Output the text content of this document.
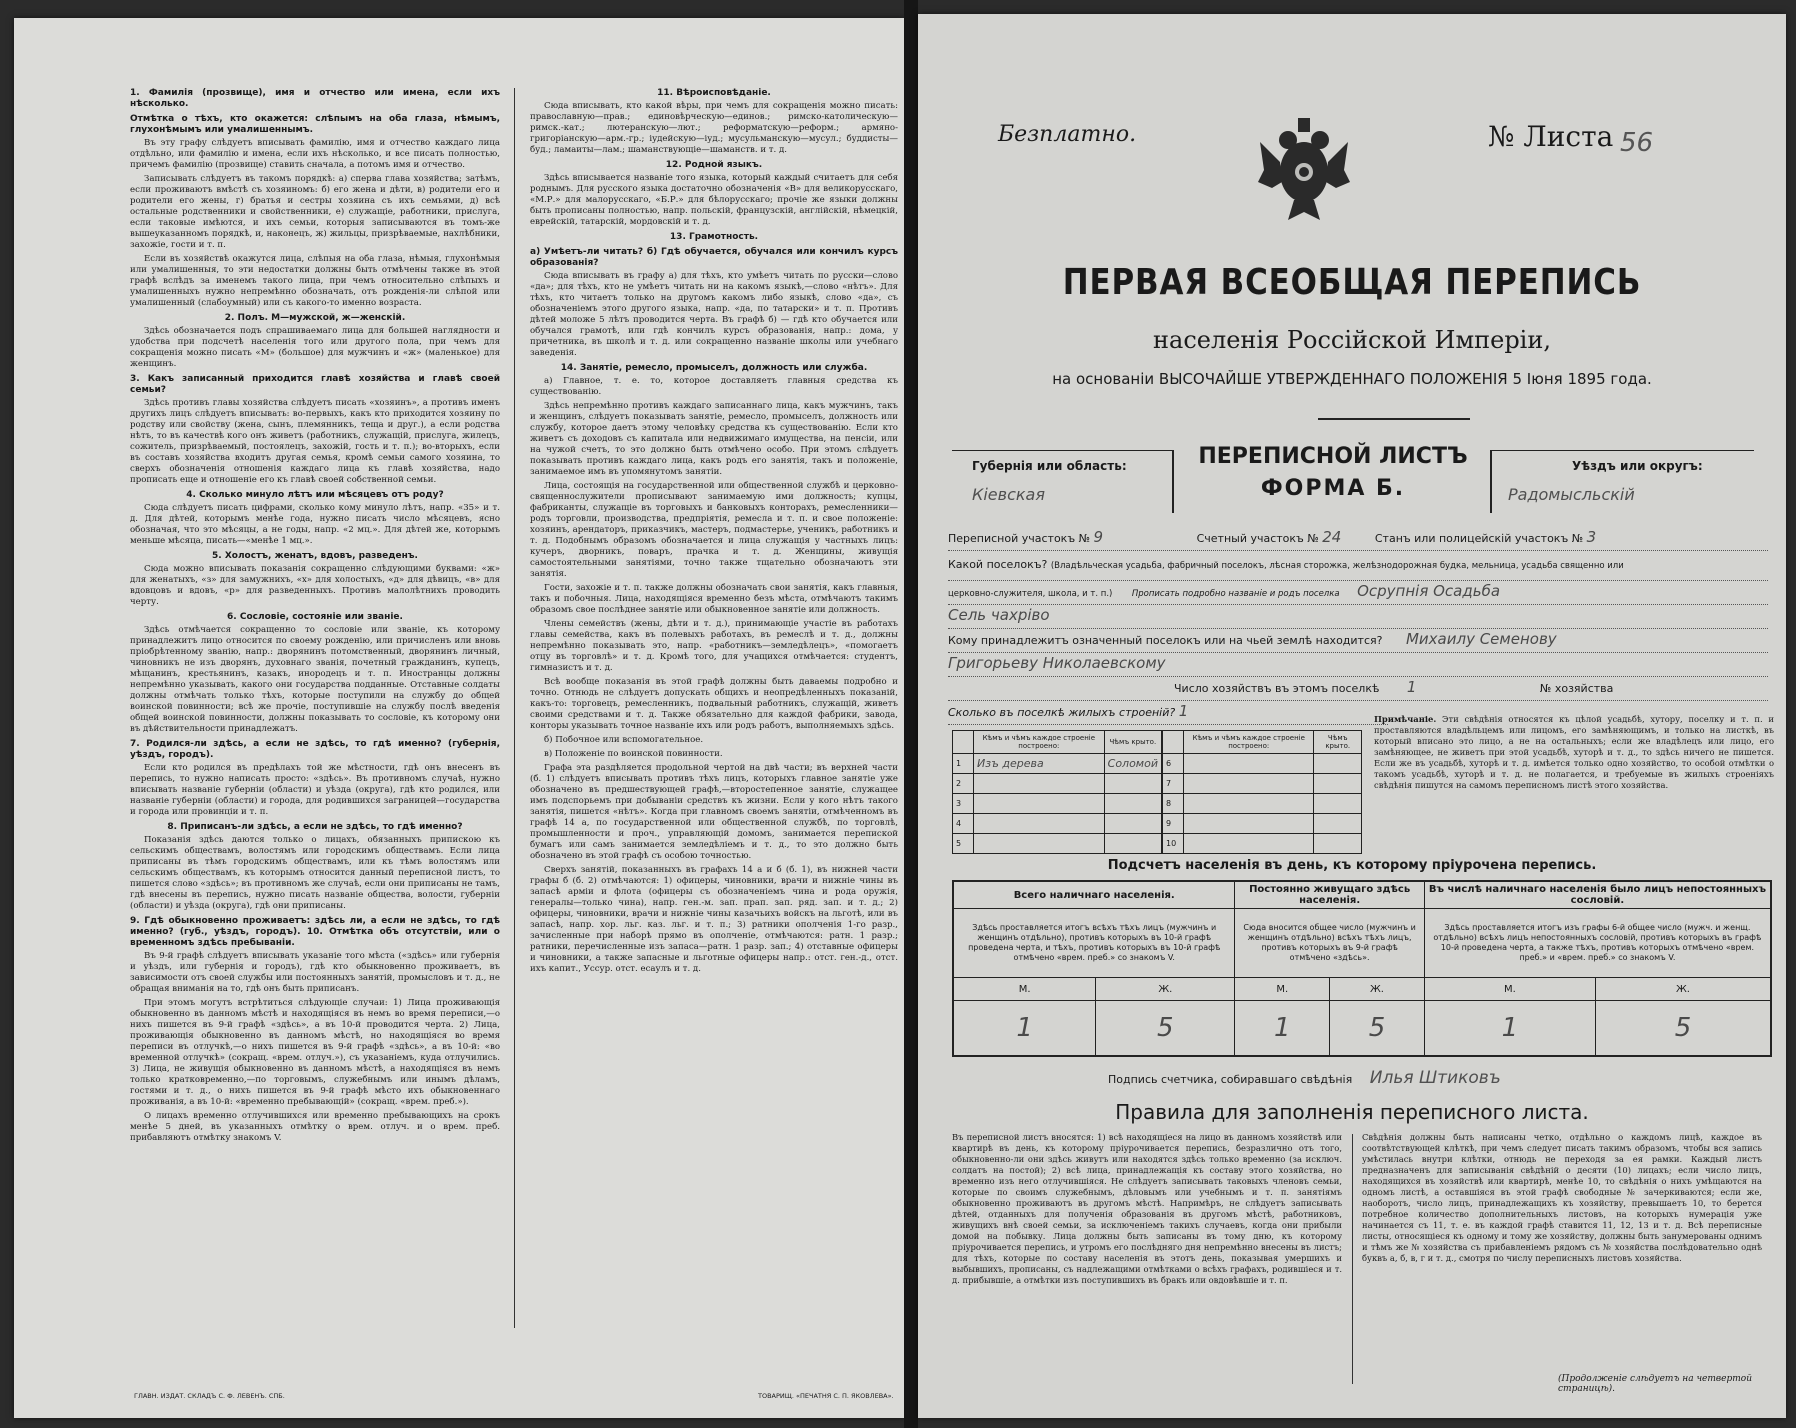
1. Фамилія (прозвище), имя и отчество или имена, если ихъ нѣсколько.
Отмѣтка о тѣхъ, кто окажется: слѣпымъ на оба глаза, нѣмымъ, глухонѣмымъ или умалишеннымъ.
Въ эту графу слѣдуетъ вписывать фамилію, имя и отчество каждаго лица отдѣльно, или фамилію и имена, если ихъ нѣсколько, и все писать полностью, причемъ фамилію (прозвище) ставить сначала, а потомъ имя и отчество.
Записывать слѣдуетъ въ такомъ порядкѣ: а) сперва глава хозяйства; затѣмъ, если проживаютъ вмѣстѣ съ хозяиномъ: б) его жена и дѣти, в) родители его и родители его жены, г) братья и сестры хозяина съ ихъ семьями, д) всѣ остальные родственники и свойственники, е) служащіе, работники, прислуга, если таковые имѣются, и ихъ семьи, которыя записываются въ томъ-же вышеуказанномъ порядкѣ, и, наконецъ, ж) жильцы, призрѣваемые, нахлѣбники, захожіе, гости и т. п.
Если въ хозяйствѣ окажутся лица, слѣпыя на оба глаза, нѣмыя, глухонѣмыя или умалишенныя, то эти недостатки должны быть отмѣчены также въ этой графѣ вслѣдъ за именемъ такого лица, при чемъ относительно слѣпыхъ и умалишенныхъ нужно непремѣнно обозначать, отъ рожденія-ли слѣпой или умалишенный (слабоумный) или съ какого-то именно возраста.
2. Полъ. М—мужской, ж—женскій.
Здѣсь обозначается подъ спрашиваемаго лица для большей наглядности и удобства при подсчетѣ населенія того или другого пола, при чемъ для сокращенія можно писать «М» (большое) для мужчинъ и «ж» (маленькое) для женщинъ.
3. Какъ записанный приходится главѣ хозяйства и главѣ своей семьи?
Здѣсь противъ главы хозяйства слѣдуетъ писать «хозяинъ», а противъ именъ другихъ лицъ слѣдуетъ вписывать: во-первыхъ, какъ кто приходится хозяину по родству или свойству (жена, сынъ, племянникъ, теща и друг.), а если родства нѣтъ, то въ качествѣ кого онъ живетъ (работникъ, служащій, прислуга, жилецъ, сожитель, призрѣваемый, постоялецъ, захожій, гость и т. п.); во-вторыхъ, если въ составъ хозяйства входитъ другая семья, кромѣ семьи самого хозяина, то сверхъ обозначенія отношенія каждаго лица къ главѣ хозяйства, надо прописать еще и отношеніе его къ главѣ своей собственной семьи.
4. Сколько минуло лѣтъ или мѣсяцевъ отъ роду?
Сюда слѣдуетъ писать цифрами, сколько кому минуло лѣтъ, напр. «35» и т. д. Для дѣтей, которымъ менѣе года, нужно писать число мѣсяцевъ, ясно обозначая, что это мѣсяцы, а не годы, напр. «2 мц.». Для дѣтей же, которымъ меньше мѣсяца, писать—«менѣе 1 мц.».
5. Холостъ, женатъ, вдовъ, разведенъ.
Сюда можно вписывать показанія сокращенно слѣдующими буквами: «ж» для женатыхъ, «з» для замужнихъ, «х» для холостыхъ, «д» для дѣвицъ, «в» для вдовцовъ и вдовъ, «р» для разведенныхъ. Противъ малолѣтнихъ проводить черту.
6. Сословіе, состояніе или званіе.
Здѣсь отмѣчается сокращенно то сословіе или званіе, къ которому принадлежитъ лицо относится по своему рожденію, или причисленъ или вновь пріобрѣтенному званію, напр.: дворянинъ потомственный, дворянинъ личный, чиновникъ не изъ дворянъ, духовнаго званія, почетный гражданинъ, купецъ, мѣщанинъ, крестьянинъ, казакъ, инородецъ и т. п. Иностранцы должны непремѣнно указывать, какого они государства подданные. Отставные солдаты должны отмѣчать только тѣхъ, которые поступили на службу до общей воинской повинности; всѣ же прочіе, поступившіе на службу послѣ введенія общей воинской повинности, должны показывать то сословіе, къ которому они въ дѣйствительности принадлежатъ.
7. Родился-ли здѣсь, а если не здѣсь, то гдѣ именно? (губернія, уѣздъ, городъ).
Если кто родился въ предѣлахъ той же мѣстности, гдѣ онъ внесенъ въ перепись, то нужно написать просто: «здѣсь». Въ противномъ случаѣ, нужно вписывать названіе губерніи (области) и уѣзда (округа), гдѣ кто родился, или названіе губерніи (области) и города, для родившихся заграницей—государства и города или провинціи и т. п.
8. Приписанъ-ли здѣсь, а если не здѣсь, то гдѣ именно?
Показанія здѣсь даются только о лицахъ, обязанныхъ припискою къ сельскимъ обществамъ, волостямъ или городскимъ обществамъ. Если лица приписаны въ тѣмъ городскимъ обществамъ, или къ тѣмъ волостямъ или сельскимъ обществамъ, къ которымъ относится данный переписной листъ, то пишется слово «здѣсь»; въ противномъ же случаѣ, если они приписаны не тамъ, гдѣ внесены въ перепись, нужно писать названіе общества, волости, губерніи (области) и уѣзда (округа), гдѣ они приписаны.
9. Гдѣ обыкновенно проживаетъ: здѣсь ли, а если не здѣсь, то гдѣ именно? (губ., уѣздъ, городъ). 10. Отмѣтка объ отсутствіи, или о временномъ здѣсь пребываніи.
Въ 9-й графѣ слѣдуетъ вписывать указаніе того мѣста («здѣсь» или губернія и уѣздъ, или губернія и городъ), гдѣ кто обыкновенно проживаетъ, въ зависимости отъ своей службы или постоянныхъ занятій, промысловъ и т. д., не обращая вниманія на то, гдѣ онъ быть приписанъ.
При этомъ могутъ встрѣтиться слѣдующіе случаи: 1) Лица проживающія обыкновенно въ данномъ мѣстѣ и находящіяся въ немъ во время переписи,—о нихъ пишется въ 9-й графѣ «здѣсь», а въ 10-й проводится черта. 2) Лица, проживающія обыкновенно въ данномъ мѣстѣ, но находящіяся во время переписи въ отлучкѣ,—о нихъ пишется въ 9-й графѣ «здѣсь», а въ 10-й: «во временной отлучкѣ» (сокращ. «врем. отлуч.»), съ указаніемъ, куда отлучились. 3) Лица, не живущія обыкновенно въ данномъ мѣстѣ, а находящіяся въ немъ только кратковременно,—по торговымъ, служебнымъ или инымъ дѣламъ, гостями и т. д., о нихъ пишется въ 9-й графѣ мѣсто ихъ обыкновеннаго проживанія, а въ 10-й: «временно пребывающій» (сокращ. «врем. преб.»).
О лицахъ временно отлучившихся или временно пребывающихъ на срокъ менѣе 5 дней, въ указанныхъ отмѣтку о врем. отлуч. и о врем. преб. прибавляютъ отмѣтку знакомъ V.
11. Вѣроисповѣданіе.
Сюда вписывать, кто какой вѣры, при чемъ для сокращенія можно писать: православную—прав.; единовѣрческую—единов.; римско-католическую—римск.-кат.; лютеранскую—лют.; реформатскую—реформ.; армяно-григоріанскую—арм.-гр.; іудейскую—іуд.; мусульманскую—мусул.; буддисты—буд.; ламаиты—лам.; шаманствующіе—шаманств. и т. д.
12. Родной языкъ.
Здѣсь вписывается названіе того языка, который каждый считаетъ для себя роднымъ. Для русского языка достаточно обозначенія «В» для великорусскаго, «М.Р.» для малорусскаго, «Б.Р.» для бѣлорусскаго; прочіе же языки должны быть прописаны полностью, напр. польскій, французскій, англійскій, нѣмецкій, еврейскій, татарскій, мордовскій и т. д.
13. Грамотность.
а) Умѣетъ-ли читать? б) Гдѣ обучается, обучался или кончилъ курсъ образованія?
Сюда вписывать въ графу а) для тѣхъ, кто умѣетъ читать по русски—слово «да»; для тѣхъ, кто не умѣетъ читать ни на какомъ языкѣ,—слово «нѣтъ». Для тѣхъ, кто читаетъ только на другомъ какомъ либо языкѣ, слово «да», съ обозначеніемъ этого другого языка, напр. «да, по татарски» и т. п. Противъ дѣтей моложе 5 лѣтъ проводится черта. Въ графѣ б) — гдѣ кто обучается или обучался грамотѣ, или гдѣ кончилъ курсъ образованія, напр.: дома, у причетника, въ школѣ и т. д. или сокращенно названіе школы или учебнаго заведенія.
14. Занятіе, ремесло, промыселъ, должность или служба.
а) Главное, т. е. то, которое доставляетъ главныя средства къ существованію.
Здѣсь непремѣнно противъ каждаго записаннаго лица, какъ мужчинъ, такъ и женщинъ, слѣдуетъ показывать занятіе, ремесло, промыселъ, должность или службу, которое даетъ этому человѣку средства къ существованію. Если кто живетъ съ доходовъ съ капитала или недвижимаго имущества, на пенсіи, или на чужой счетъ, то это должно быть отмѣчено особо. При этомъ слѣдуетъ показывать противъ каждаго лица, какъ родъ его занятія, такъ и положеніе, занимаемое имъ въ упомянутомъ занятіи.
Лица, состоящія на государственной или общественной службѣ и церковно-священнослужители прописывают занимаемую ими должность; купцы, фабриканты, служащіе въ торговыхъ и банковыхъ конторахъ, ремесленники—родъ торговли, производства, предпріятія, ремесла и т. п. и свое положеніе: хозяинъ, арендаторъ, приказчикъ, мастеръ, подмастерье, ученикъ, работникъ и т. д. Подобнымъ образомъ обозначается и лица служащія у частныхъ лицъ: кучеръ, дворникъ, поваръ, прачка и т. д. Женщины, живущія самостоятельными занятіями, точно также тщательно обозначаютъ эти занятія.
Гости, захожіе и т. п. также должны обозначать свои занятія, какъ главныя, такъ и побочныя. Лица, находящіяся временно безъ мѣста, отмѣчаютъ такимъ образомъ свое послѣднее занятіе или обыкновенное занятіе или должность.
Члены семействъ (жены, дѣти и т. д.), принимающіе участіе въ работахъ главы семейства, какъ въ полевыхъ работахъ, въ ремеслѣ и т. д., должны непремѣнно показывать это, напр. «работникъ—земледѣлецъ», «помогаетъ отцу въ торговлѣ» и т. д. Кромѣ того, для учащихся отмѣчается: студентъ, гимназистъ и т. д.
Всѣ вообще показанія въ этой графѣ должны быть даваемы подробно и точно. Отнюдь не слѣдуетъ допускать общихъ и неопредѣленныхъ показаній, какъ-то: торговецъ, ремесленникъ, подвальный работникъ, служащій, живетъ своими средствами и т. д. Также обязательно для каждой фабрики, завода, конторы указывать точное названіе ихъ или родъ работъ, выполняемыхъ здѣсь.
б) Побочное или вспомогательное.
в) Положеніе по воинской повинности.
Графа эта раздѣляется продольной чертой на двѣ части; въ верхней части (б. 1) слѣдуетъ вписывать противъ тѣхъ лицъ, которыхъ главное занятіе уже обозначено въ предшествующей графѣ,—второстепенное занятіе, служащее имъ подспорьемъ при добываніи средствъ къ жизни. Если у кого нѣтъ такого занятія, пишется «нѣтъ». Когда при главномъ своемъ занятіи, отмѣченномъ въ графѣ 14 а, по государственной или общественной службѣ, по торговлѣ, промышленности и проч., управляющій домомъ, занимается перепиской бумагъ или самъ занимается земледѣліемъ и т. д., то это должно быть обозначено въ этой графѣ съ особою точностью.
Сверхъ занятій, показанныхъ въ графахъ 14 а и б (б. 1), въ нижней части графы б (б. 2) отмѣчаются: 1) офицеры, чиновники, врачи и нижніе чины въ запасѣ арміи и флота (офицеры съ обозначеніемъ чина и рода оружія, генералы—только чина), напр. ген.-м. зап. прап. зап. ряд. зап. и т. д.; 2) офицеры, чиновники, врачи и нижніе чины казачьихъ войскъ на льготѣ, или въ запасѣ, напр. хор. льг. каз. льг. и т. п.; 3) ратники ополченія 1-го разр., зачисленные при наборѣ прямо въ ополченіе, отмѣчаются: ратн. 1 разр.; ратники, перечисленные изъ запаса—ратн. 1 разр. зап.; 4) отставные офицеры и чиновники, а также запасные и льготные офицеры напр.: отст. ген.-д., отст. ихъ капит., Уссур. отст. есаулъ и т. д.
ГЛАВН. ИЗДАТ. СКЛАДЪ С. Ф. ЛЕВЕНЪ. СПБ.	ТОВАРИЩ. «ПЕЧАТНЯ С. П. ЯКОВЛЕВА».
Безплатно.	№ Листа 56
ПЕРВАЯ ВСЕОБЩАЯ ПЕРЕПИСЬ
населенія Россійской Имперіи,
на основаніи ВЫСОЧАЙШЕ УТВЕРЖДЕННАГО ПОЛОЖЕНІЯ 5 Іюня 1895 года.
Губернія или область:
Кіевская
ПЕРЕПИСНОЙ ЛИСТЪ
ФОРМА Б.
Уѣздъ или округъ:
Радомысльскій
Переписной участокъ № 9	Счетный участокъ № 24	Станъ или полицейскій участокъ № 3
Какой поселокъ? (Владѣльческая усадьба, фабричный поселокъ, лѣсная сторожка, желѣзнодорожная будка, мельница, усадьба священно или
церковно-служителя, школа, и т. п.) Прописать подробно названіе и родъ поселка Осрупнія Осадьба
Сель чахріво
Кому принадлежитъ означенный поселокъ или на чьей землѣ находится? Михаилу Семенову
Григорьеву Николаевскому
Число хозяйствъ въ этомъ поселкѣ 1	№ хозяйства
Сколько въ поселкѣ жилыхъ строеній? 1
	Кѣмъ и чѣмъ каждое строеніе построено:	Чѣмъ крыто.
1	Изъ дерева	Соломой
2		
3		
4		
5		
	Кѣмъ и чѣмъ каждое строеніе построено:	Чѣмъ крыто.
6		
7		
8		
9		
10		
Примѣчаніе. Эти свѣдѣнія относятся къ цѣлой усадьбѣ, хутору, поселку и т. п. и проставляются владѣльцемъ или лицомъ, его замѣняющимъ, и только на листкѣ, въ который вписано это лицо, а не на остальныхъ; если же владѣлецъ или лицо, его замѣняющее, не живетъ при этой усадьбѣ, хуторѣ и т. д., то здѣсь ничего не пишется. Если же въ усадьбѣ, хуторѣ и т. д. имѣется только одно хозяйство, то особой отмѣтки о такомъ усадьбѣ, хуторѣ и т. д. не полагается, и требуемые въ жилыхъ строеніяхъ свѣдѣнія пишутся на самомъ переписномъ листѣ этого хозяйства.
Подсчетъ населенія въ день, къ которому пріурочена перепись.
Всего наличнаго населенія.		Постоянно живущаго здѣсь населенія.		Въ числѣ наличнаго населенія было лицъ непостоянныхъ сословій.	
Здѣсь проставляется итогъ всѣхъ тѣхъ лицъ (мужчинъ и женщинъ отдѣльно), противъ которыхъ въ 10-й графѣ проведена черта, и тѣхъ, противъ которыхъ въ 10-й графѣ отмѣчено «врем. преб.» со знакомъ V.		Сюда вносится общее число (мужчинъ и женщинъ отдѣльно) всѣхъ тѣхъ лицъ, противъ которыхъ въ 9-й графѣ отмѣчено «здѣсь».		Здѣсь проставляется итогъ изъ графы 6-й общее число (мужч. и женщ. отдѣльно) всѣхъ лицъ непостоянныхъ сословій, противъ которыхъ въ графѣ 10-й проведена черта, а также тѣхъ, противъ которыхъ отмѣчено «врем. преб.» и «врем. преб.» со знакомъ V.	
М.	Ж.	М.	Ж.	М.	Ж.
1	5	1	5	1	5
Подпись счетчика, собиравшаго свѣдѣнія Илья Штиковъ
Правила для заполненія переписного листа.
Въ переписной листъ вносятся: 1) всѣ находящіеся на лицо въ данномъ хозяйствѣ или квартирѣ въ день, къ которому пріурочивается перепись, безразлично отъ того, обыкновенно-ли они здѣсь живутъ или находятся здѣсь только временно (за исключ. солдатъ на постой); 2) всѣ лица, принадлежащія къ составу этого хозяйства, но временно изъ него отлучившіяся. Не слѣдуетъ записывать таковыхъ членовъ семьи, которые по своимъ служебнымъ, дѣловымъ или учебнымъ и т. п. занятіямъ обыкновенно проживаютъ въ другомъ мѣстѣ. Напримѣръ, не слѣдуетъ записывать дѣтей, отданныхъ для полученія образованія въ другомъ мѣстѣ, работниковъ, живущихъ внѣ своей семьи, за исключеніемъ такихъ случаевъ, когда они прибыли домой на побывку. Лица должны быть записаны въ тому дню, къ которому пріурочивается перепись, и утромъ его послѣдняго дня непремѣнно внесены въ листъ; для тѣхъ, которые по составу населенія въ этотъ день, показывая умершихъ и выбывшихъ, прописаны, съ надлежащими отмѣтками о всѣхъ графахъ, родившіеся и т. д. прибывшіе, а отмѣтки изъ поступившихъ въ бракъ или овдовѣвшіе и т. п.
Свѣдѣнія должны быть написаны четко, отдѣльно о каждомъ лицѣ, каждое въ соотвѣтствующей клѣткѣ, при чемъ следует писать такимъ образомъ, чтобы вся запись умѣстилась внутри клѣтки, отнюдь не переходя за ея рамки. Каждый листъ предназначенъ для записыванія свѣдѣній о десяти (10) лицахъ; если число лицъ, находящихся въ хозяйствѣ или квартирѣ, менѣе 10, то свѣдѣнія о нихъ умѣщаются на одномъ листѣ, а оставшіяся въ этой графѣ свободные № зачеркиваются; если же, наоборотъ, число лицъ, принадлежащихъ къ хозяйству, превышаетъ 10, то берется потребное количество дополнительныхъ листовъ, на которыхъ нумерація уже начинается съ 11, т. е. въ каждой графѣ ставится 11, 12, 13 и т. д. Всѣ переписные листы, относящіеся къ одному и тому же хозяйству, должны быть занумерованы однимъ и тѣмъ же № хозяйства съ прибавленіемъ рядомъ съ № хозяйства послѣдовательно однѣ буквъ а, б, в, г и т. д., смотря по числу переписныхъ листовъ хозяйства.
(Продолженіе слѣдуетъ на четвертой страницѣ).
